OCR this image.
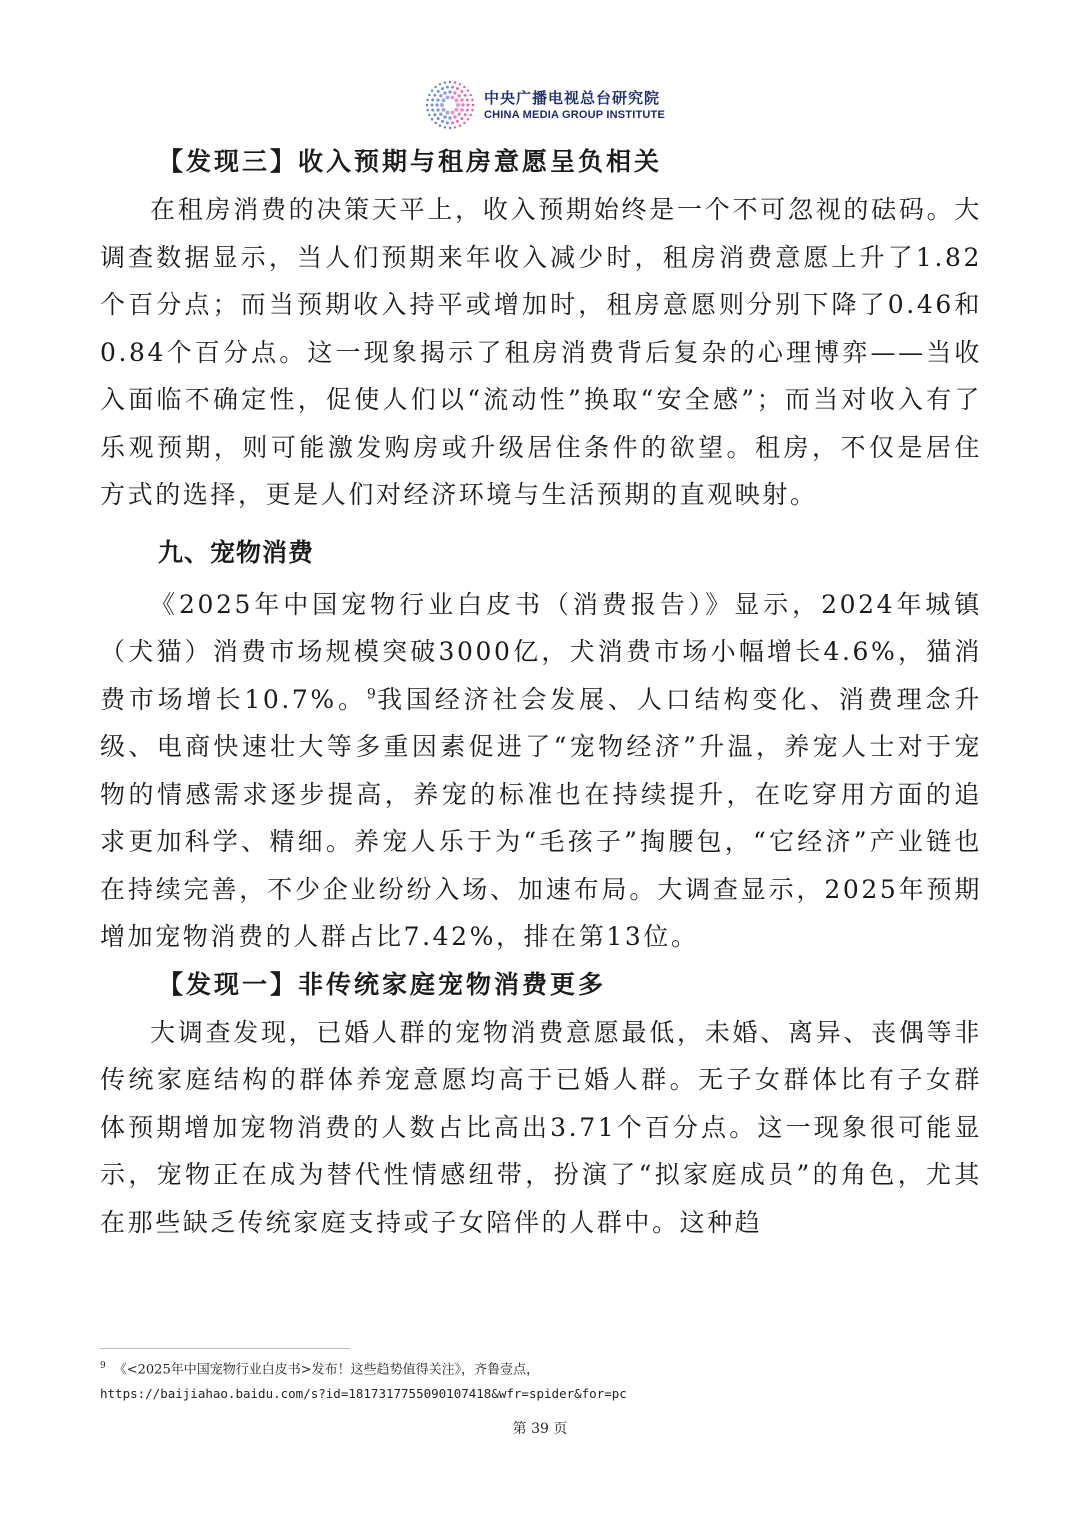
中央广播电视总台研究院
CHINA MEDIA GROUP INSTITUTE
【发现三】收入预期与租房意愿呈负相关

在租房消费的决策天平上，收入预期始终是一个不可忽视的砝码。大调查数据显示，当人们预期来年收入减少时，租房消费意愿上升了1.82个百分点；而当预期收入持平或增加时，租房意愿则分别下降了0.46和0.84个百分点。这一现象揭示了租房消费背后复杂的心理博弈——当收入面临不确定性，促使人们以“流动性”换取“安全感”；而当对收入有了乐观预期，则可能激发购房或升级居住条件的欲望。租房，不仅是居住方式的选择，更是人们对经济环境与生活预期的直观映射。

九、宠物消费

《2025年中国宠物行业白皮书（消费报告）》显示，2024年城镇（犬猫）消费市场规模突破3000亿，犬消费市场小幅增长4.6%，猫消费市场增长10.7%。$^9$我国经济社会发展、人口结构变化、消费理念升级、电商快速壮大等多重因素促进了“宠物经济”升温，养宠人士对于宠物的情感需求逐步提高，养宠的标准也在持续提升，在吃穿用方面的追求更加科学、精细。养宠人乐于为“毛孩子”掏腰包，“它经济”产业链也在持续完善，不少企业纷纷入场、加速布局。大调查显示，2025年预期增加宠物消费的人群占比7.42%，排在第13位。

【发现一】非传统家庭宠物消费更多

大调查发现，已婚人群的宠物消费意愿最低，未婚、离异、丧偶等非传统家庭结构的群体养宠意愿均高于已婚人群。无子女群体比有子女群体预期增加宠物消费的人数占比高出3.71个百分点。这一现象很可能显示，宠物正在成为替代性情感纽带，扮演了“拟家庭成员”的角色，尤其在那些缺乏传统家庭支持或子女陪伴的人群中。这种趋

$^9$ 《<2025年中国宠物行业白皮书>发布！这些趋势值得关注》，齐鲁壹点，
https://baijiahao.baidu.com/s?id=1817317755090107418&wfr=spider&for=pc
第 39 页
